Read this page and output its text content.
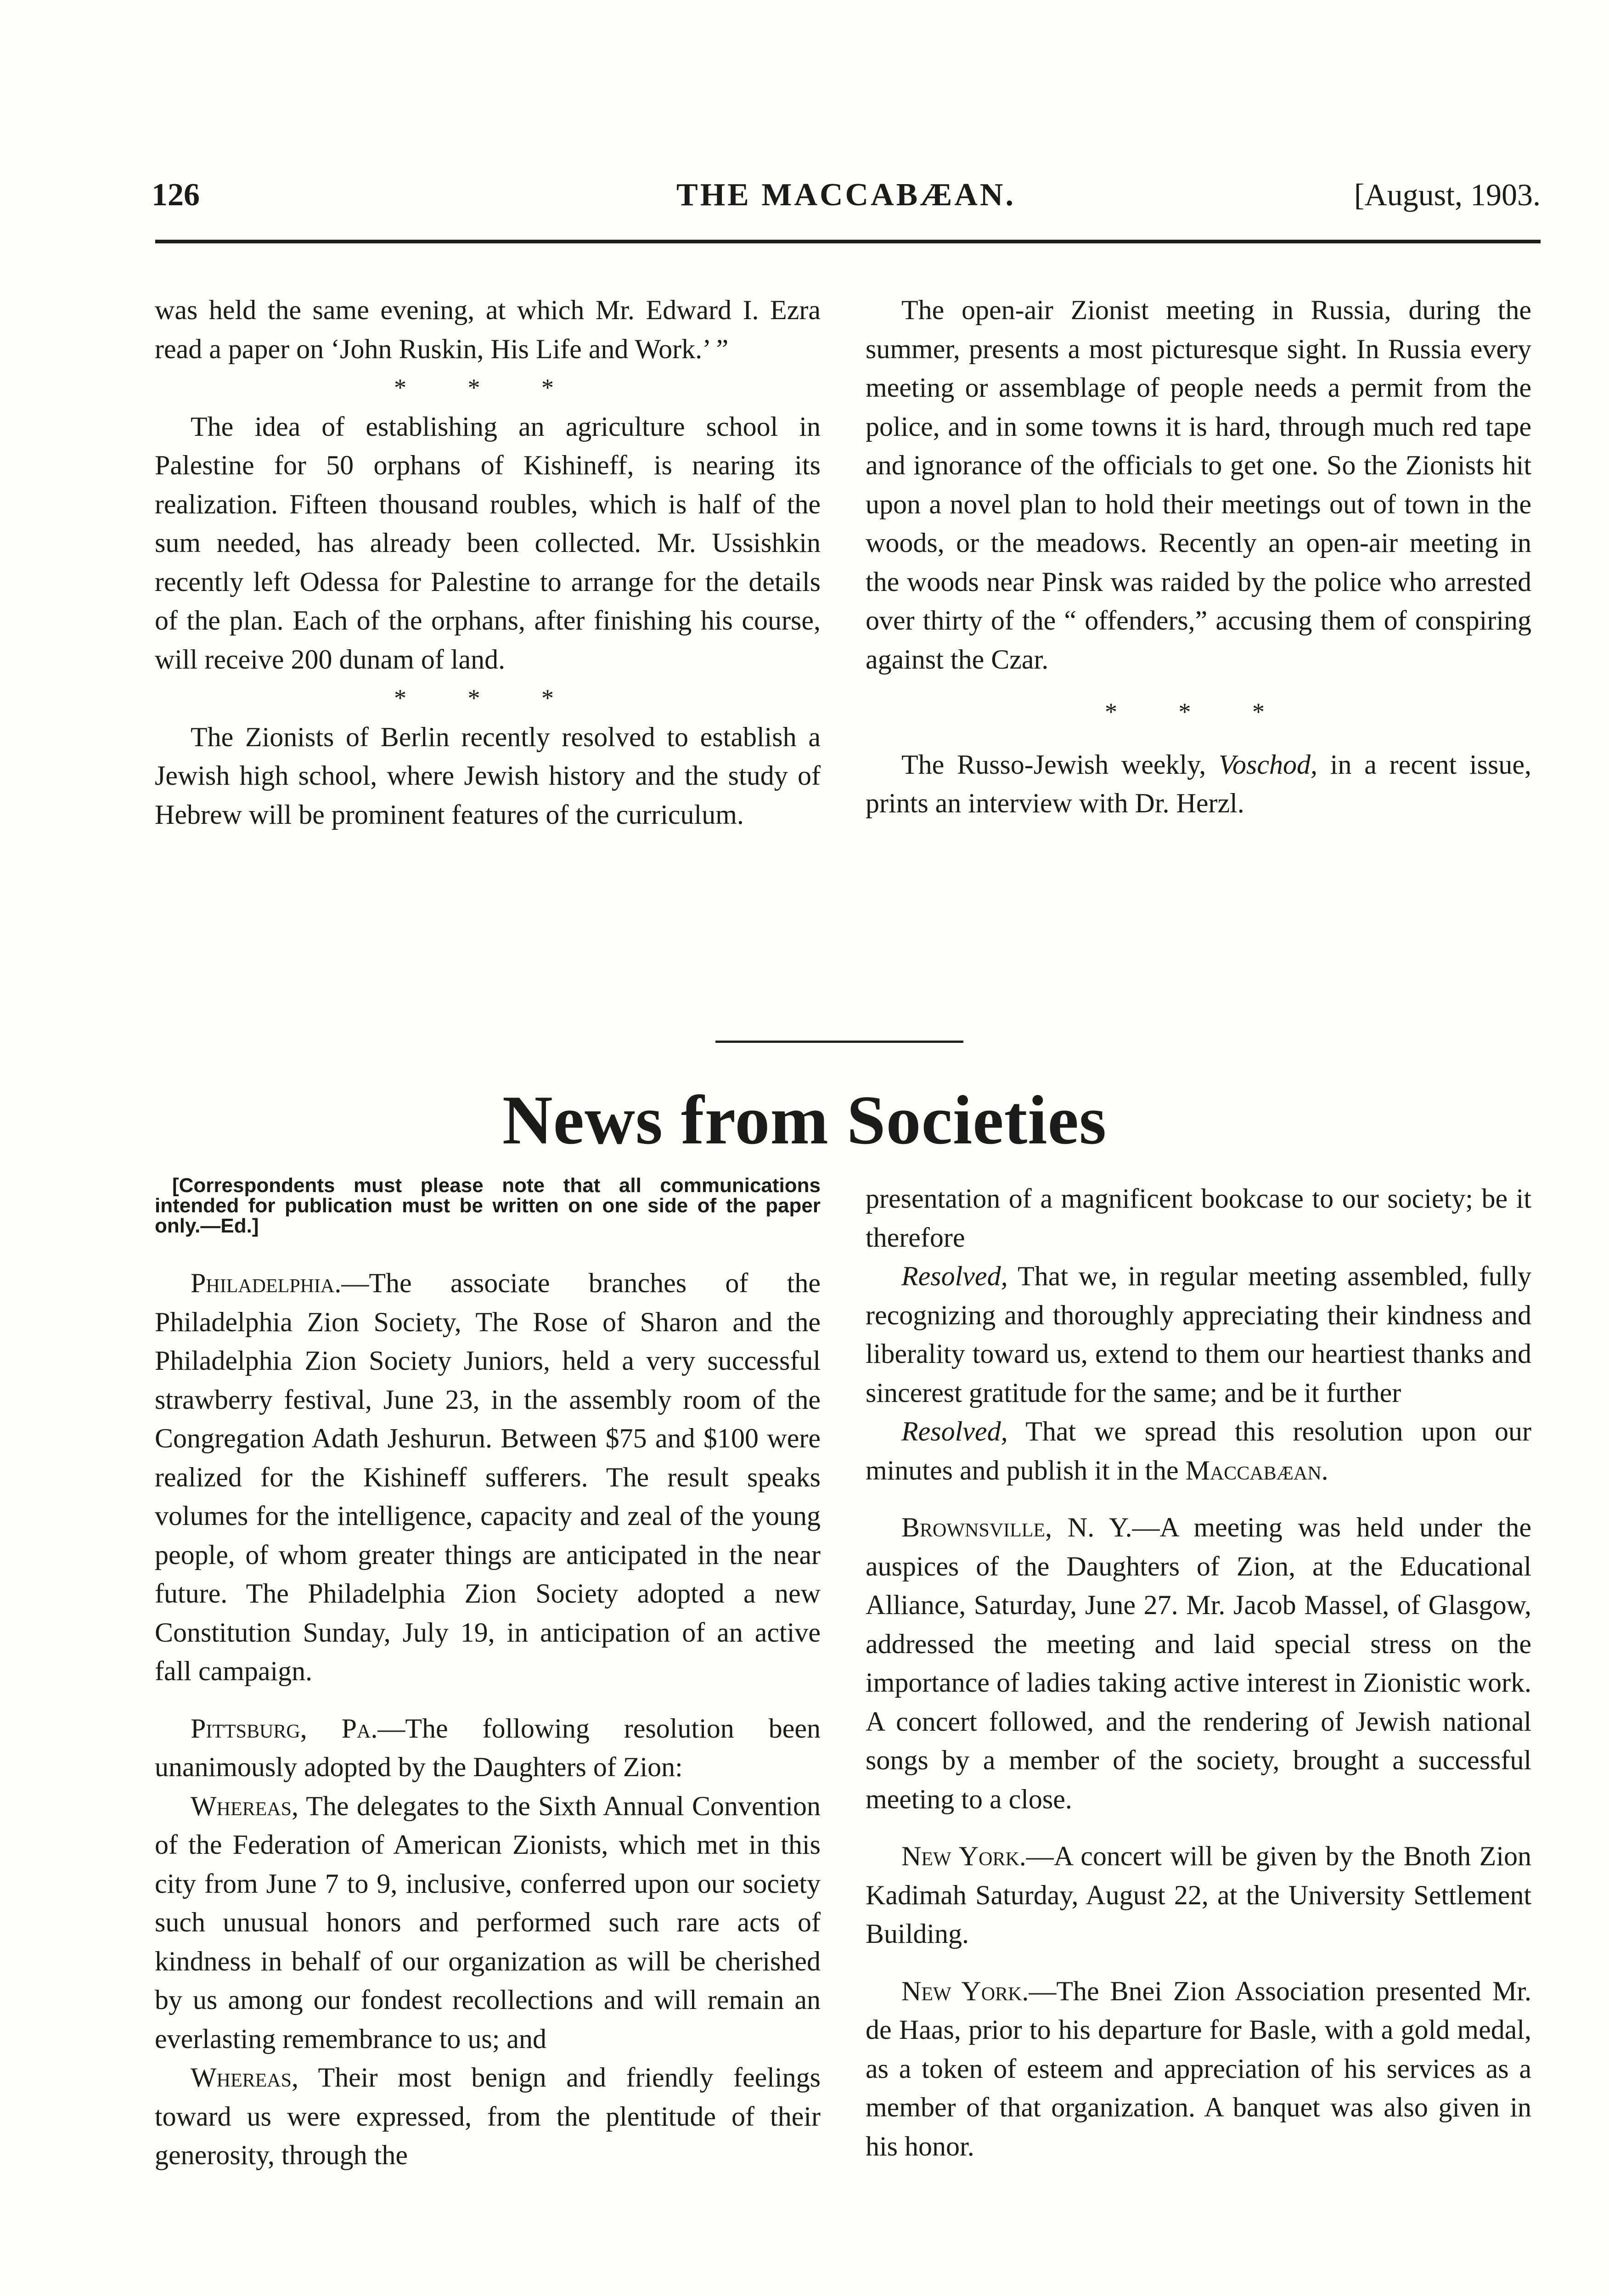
126	THE MACCABÆAN.	[August, 1903.

was held the same evening, at which Mr. Edward I. Ezra read a paper on ‘John Ruskin, His Life and Work.’ ”

* * *

The idea of establishing an agriculture school in Palestine for 50 orphans of Kishineff, is nearing its realization. Fifteen thousand roubles, which is half of the sum needed, has already been collected. Mr. Ussishkin recently left Odessa for Palestine to arrange for the details of the plan. Each of the orphans, after finishing his course, will receive 200 dunam of land.

* * *

The Zionists of Berlin recently resolved to establish a Jewish high school, where Jewish history and the study of Hebrew will be prominent features of the curriculum.

The open-air Zionist meeting in Russia, during the summer, presents a most picturesque sight. In Russia every meeting or assemblage of people needs a permit from the police, and in some towns it is hard, through much red tape and ignorance of the officials to get one. So the Zionists hit upon a novel plan to hold their meetings out of town in the woods, or the meadows. Recently an open-air meeting in the woods near Pinsk was raided by the police who arrested over thirty of the “ offenders,” accusing them of conspiring against the Czar.

* * *

The Russo-Jewish weekly, Voschod, in a recent issue, prints an interview with Dr. Herzl.

News from Societies

[Correspondents must please note that all communications intended for publication must be written on one side of the paper only.—Ed.]

Philadelphia.—The associate branches of the Philadelphia Zion Society, The Rose of Sharon and the Philadelphia Zion Society Juniors, held a very successful strawberry festival, June 23, in the assembly room of the Congregation Adath Jeshurun. Between $75 and $100 were realized for the Kishineff sufferers. The result speaks volumes for the intelligence, capacity and zeal of the young people, of whom greater things are anticipated in the near future. The Philadelphia Zion Society adopted a new Constitution Sunday, July 19, in anticipation of an active fall campaign.

Pittsburg, Pa.—The following resolution been unanimously adopted by the Daughters of Zion:

Whereas, The delegates to the Sixth Annual Convention of the Federation of American Zionists, which met in this city from June 7 to 9, inclusive, conferred upon our society such unusual honors and performed such rare acts of kindness in behalf of our organization as will be cherished by us among our fondest recollections and will remain an everlasting remembrance to us; and

Whereas, Their most benign and friendly feelings toward us were expressed, from the plentitude of their generosity, through the

presentation of a magnificent bookcase to our society; be it therefore

Resolved, That we, in regular meeting assembled, fully recognizing and thoroughly appreciating their kindness and liberality toward us, extend to them our heartiest thanks and sincerest gratitude for the same; and be it further

Resolved, That we spread this resolution upon our minutes and publish it in the Maccabæan.

Brownsville, N. Y.—A meeting was held under the auspices of the Daughters of Zion, at the Educational Alliance, Saturday, June 27. Mr. Jacob Massel, of Glasgow, addressed the meeting and laid special stress on the importance of ladies taking active interest in Zionistic work. A concert followed, and the rendering of Jewish national songs by a member of the society, brought a successful meeting to a close.

New York.—A concert will be given by the Bnoth Zion Kadimah Saturday, August 22, at the University Settlement Building.

New York.—The Bnei Zion Association presented Mr. de Haas, prior to his departure for Basle, with a gold medal, as a token of esteem and appreciation of his services as a member of that organization. A banquet was also given in his honor.
